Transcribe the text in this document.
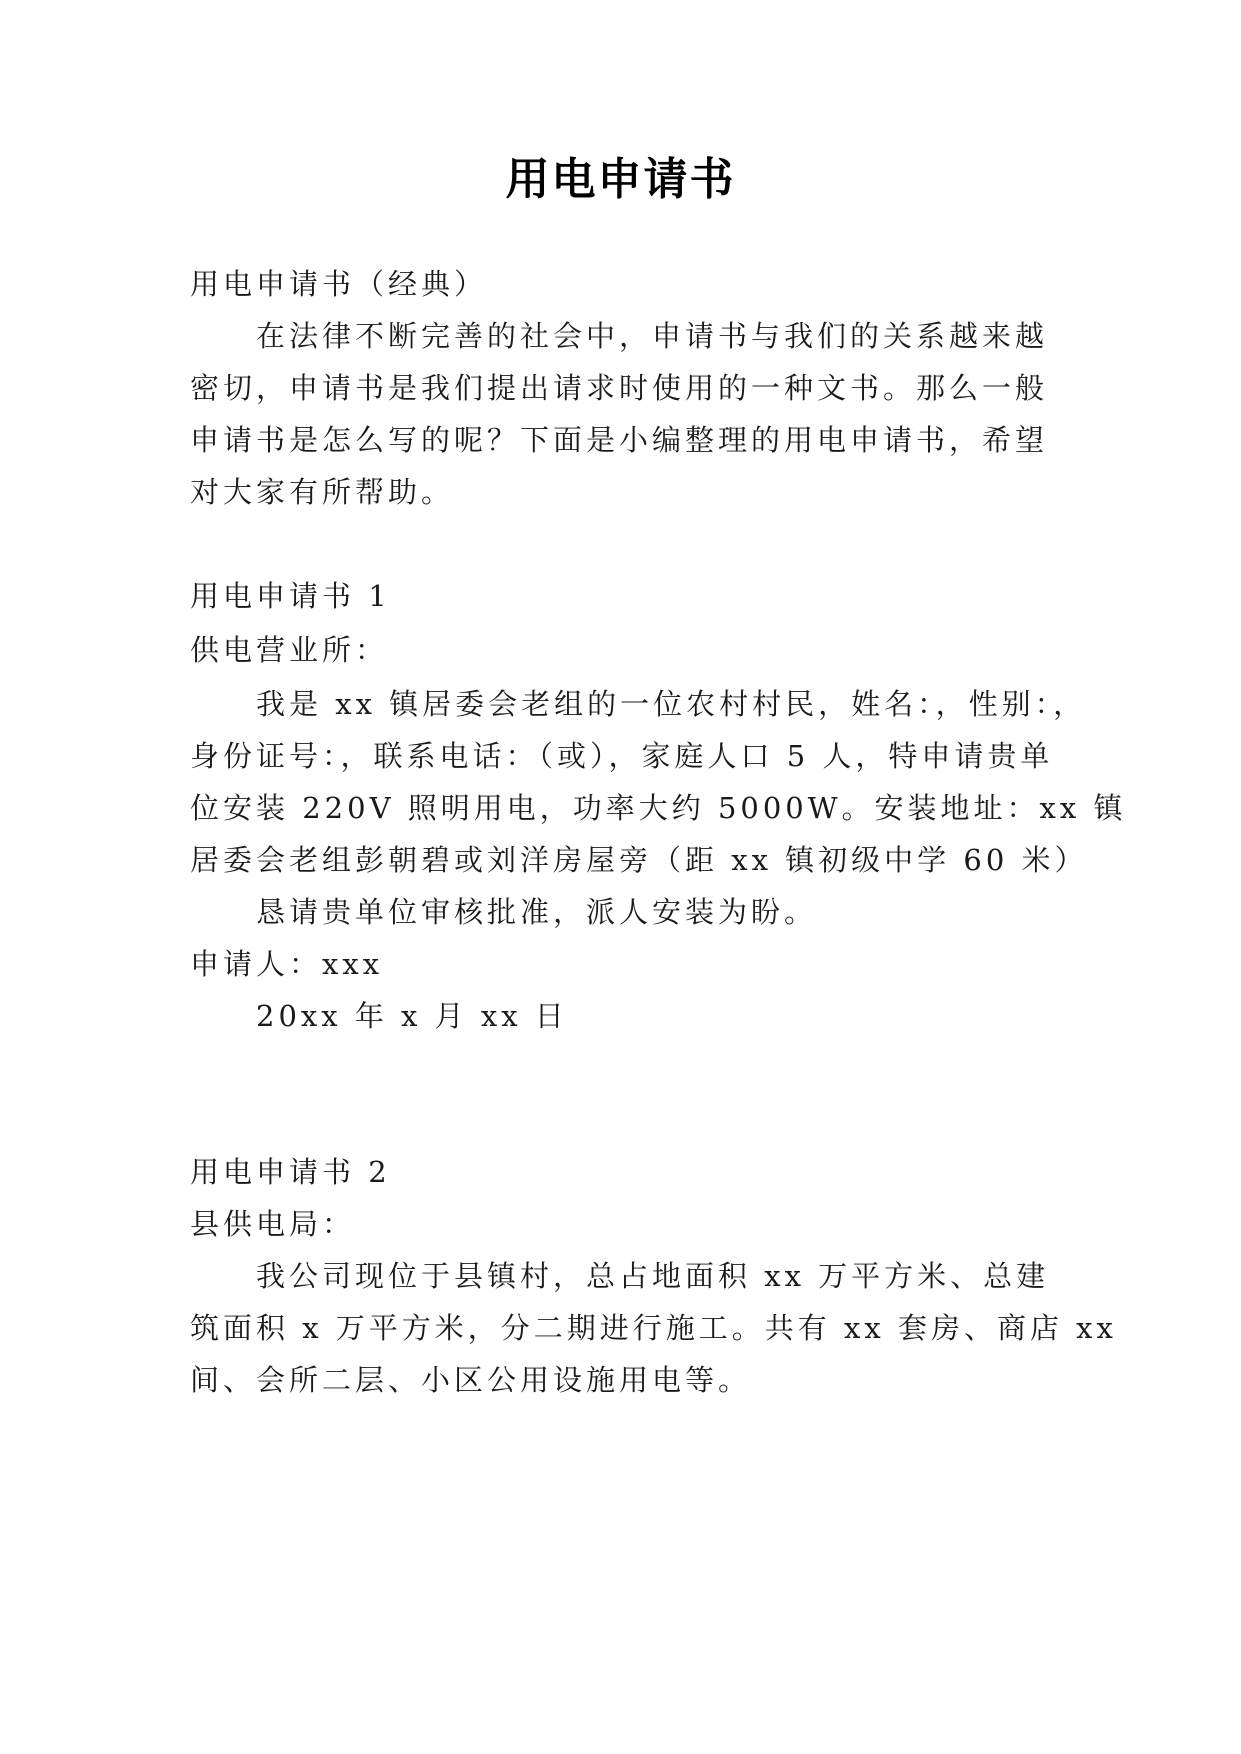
用电申请书
用电申请书（经典）
在法律不断完善的社会中，申请书与我们的关系越来越
密切，申请书是我们提出请求时使用的一种文书。那么一般
申请书是怎么写的呢？下面是小编整理的用电申请书，希望
对大家有所帮助。
用电申请书 1
供电营业所：
我是 xx 镇居委会老组的一位农村村民，姓名：，性别：，
身份证号：，联系电话：（或），家庭人口 5 人，特申请贵单
位安装 220V 照明用电，功率大约 5000W。安装地址：xx 镇
居委会老组彭朝碧或刘洋房屋旁（距 xx 镇初级中学 60 米）
恳请贵单位审核批准，派人安装为盼。
申请人：xxx
20xx 年 x 月 xx 日
用电申请书 2
县供电局：
我公司现位于县镇村，总占地面积 xx 万平方米、总建
筑面积 x 万平方米，分二期进行施工。共有 xx 套房、商店 xx
间、会所二层、小区公用设施用电等。
